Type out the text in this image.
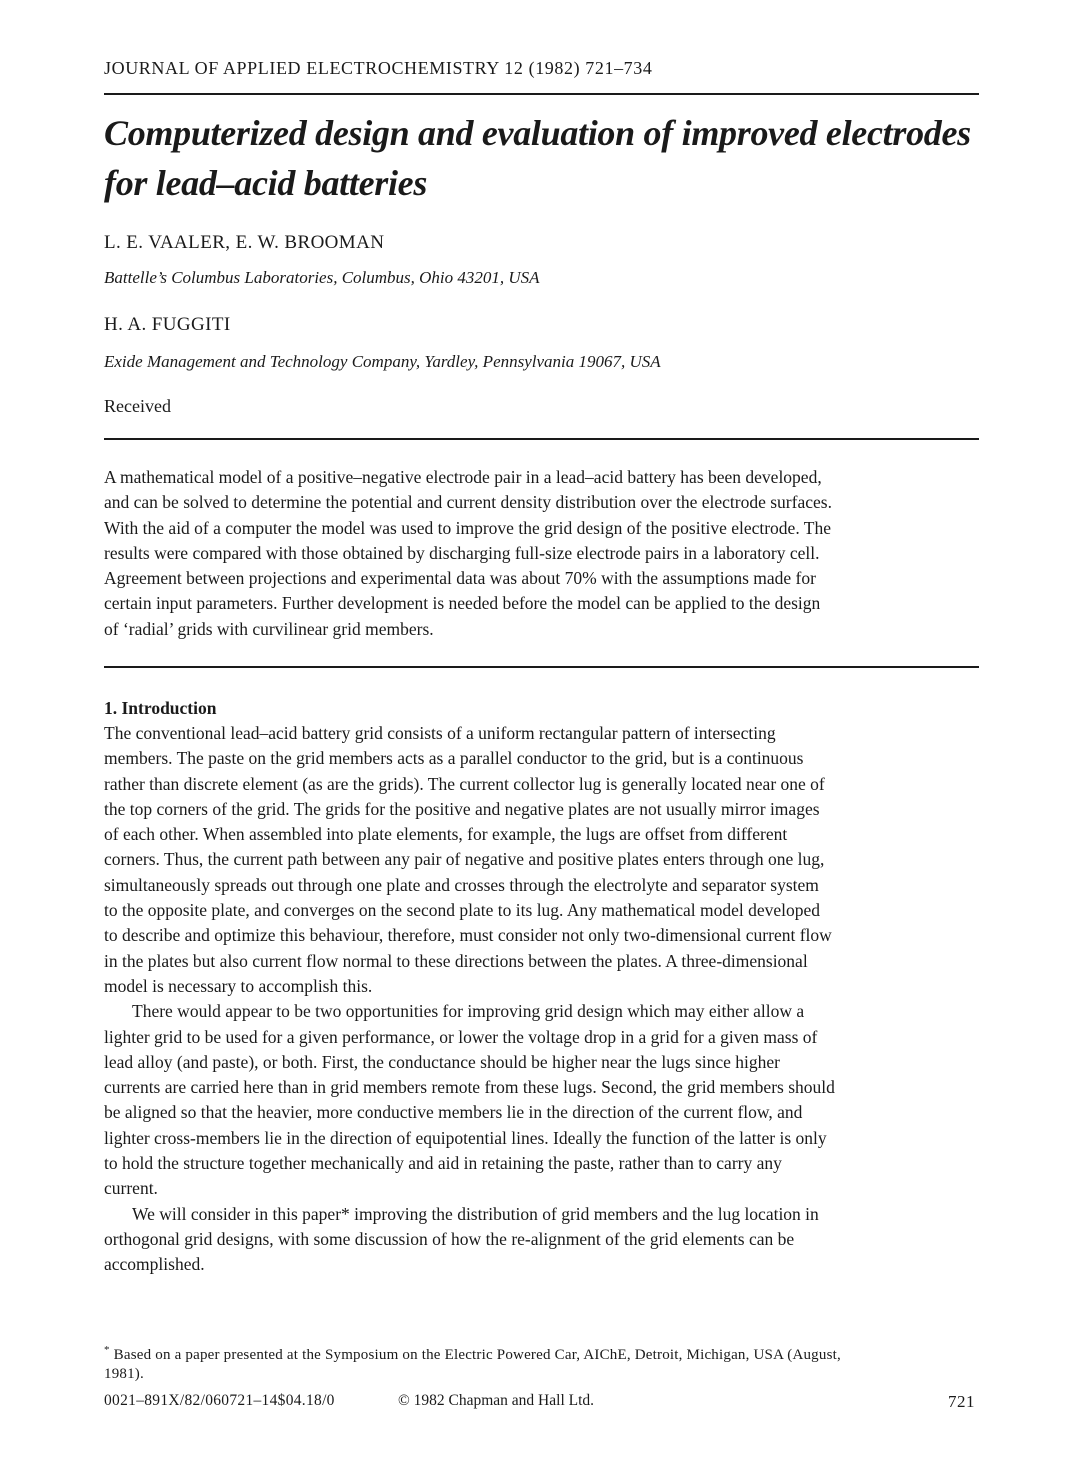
JOURNAL OF APPLIED ELECTROCHEMISTRY 12 (1982) 721–734
Computerized design and evaluation of improved electrodes
for lead–acid batteries
L. E. VAALER, E. W. BROOMAN
Battelle’s Columbus Laboratories, Columbus, Ohio 43201, USA
H. A. FUGGITI
Exide Management and Technology Company, Yardley, Pennsylvania 19067, USA
Received
A mathematical model of a positive–negative electrode pair in a lead–acid battery has been developed,
and can be solved to determine the potential and current density distribution over the electrode surfaces.
With the aid of a computer the model was used to improve the grid design of the positive electrode. The
results were compared with those obtained by discharging full-size electrode pairs in a laboratory cell.
Agreement between projections and experimental data was about 70% with the assumptions made for
certain input parameters. Further development is needed before the model can be applied to the design
of ‘radial’ grids with curvilinear grid members.
1. Introduction
The conventional lead–acid battery grid consists of a uniform rectangular pattern of intersecting
members. The paste on the grid members acts as a parallel conductor to the grid, but is a continuous
rather than discrete element (as are the grids). The current collector lug is generally located near one of
the top corners of the grid. The grids for the positive and negative plates are not usually mirror images
of each other. When assembled into plate elements, for example, the lugs are offset from different
corners. Thus, the current path between any pair of negative and positive plates enters through one lug,
simultaneously spreads out through one plate and crosses through the electrolyte and separator system
to the opposite plate, and converges on the second plate to its lug. Any mathematical model developed
to describe and optimize this behaviour, therefore, must consider not only two-dimensional current flow
in the plates but also current flow normal to these directions between the plates. A three-dimensional
model is necessary to accomplish this.
There would appear to be two opportunities for improving grid design which may either allow a
lighter grid to be used for a given performance, or lower the voltage drop in a grid for a given mass of
lead alloy (and paste), or both. First, the conductance should be higher near the lugs since higher
currents are carried here than in grid members remote from these lugs. Second, the grid members should
be aligned so that the heavier, more conductive members lie in the direction of the current flow, and
lighter cross-members lie in the direction of equipotential lines. Ideally the function of the latter is only
to hold the structure together mechanically and aid in retaining the paste, rather than to carry any
current.
We will consider in this paper* improving the distribution of grid members and the lug location in
orthogonal grid designs, with some discussion of how the re-alignment of the grid elements can be
accomplished.
* Based on a paper presented at the Symposium on the Electric Powered Car, AIChE, Detroit, Michigan, USA (August,
1981).
0021–891X/82/060721–14$04.18/0	© 1982 Chapman and Hall Ltd.	721
